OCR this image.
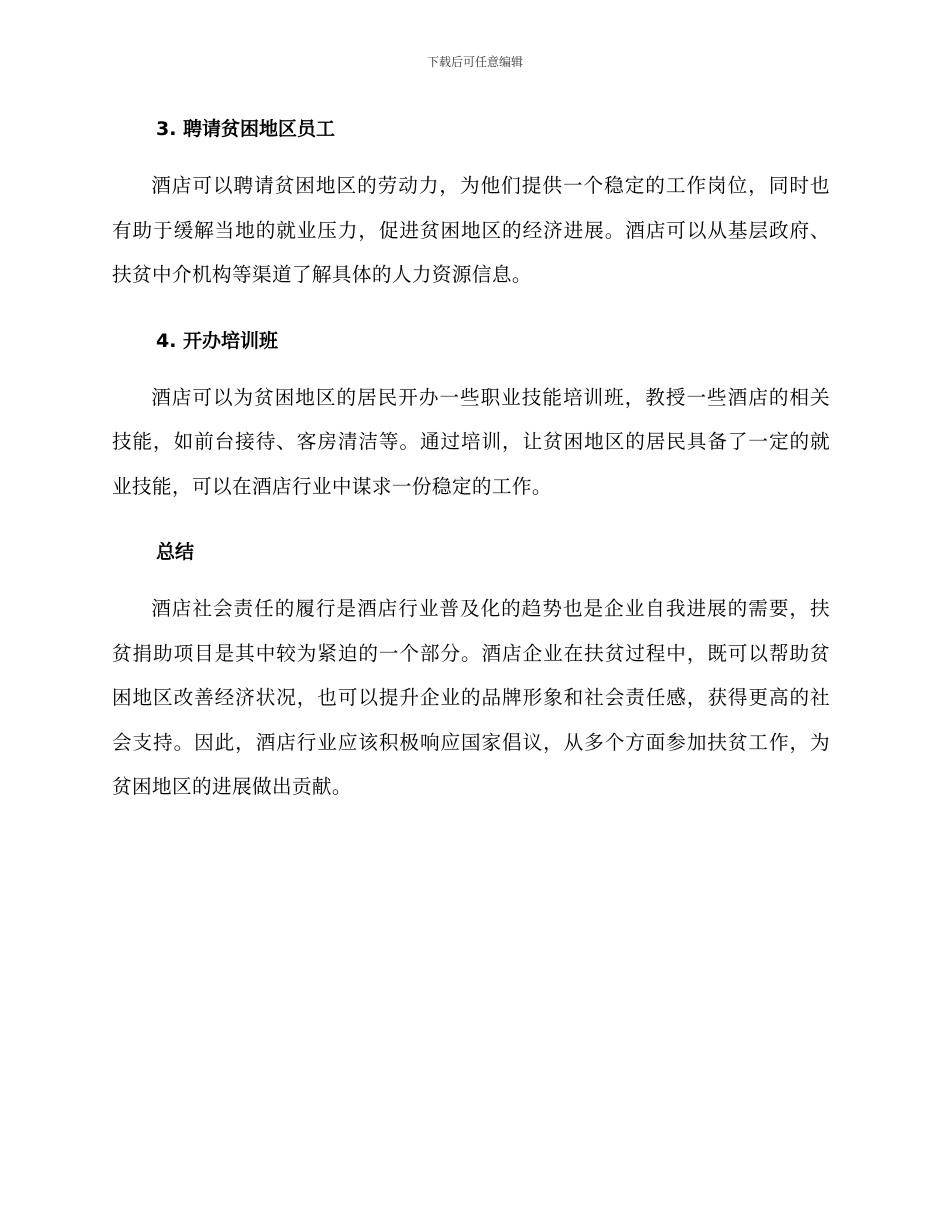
下载后可任意编辑
3. 聘请贫困地区员工

酒店可以聘请贫困地区的劳动力，为他们提供一个稳定的工作岗位，同时也有助于缓解当地的就业压力，促进贫困地区的经济进展。酒店可以从基层政府、扶贫中介机构等渠道了解具体的人力资源信息。

4. 开办培训班

酒店可以为贫困地区的居民开办一些职业技能培训班，教授一些酒店的相关技能，如前台接待、客房清洁等。通过培训，让贫困地区的居民具备了一定的就业技能，可以在酒店行业中谋求一份稳定的工作。

总结

酒店社会责任的履行是酒店行业普及化的趋势也是企业自我进展的需要，扶贫捐助项目是其中较为紧迫的一个部分。酒店企业在扶贫过程中，既可以帮助贫困地区改善经济状况，也可以提升企业的品牌形象和社会责任感，获得更高的社会支持。因此，酒店行业应该积极响应国家倡议，从多个方面参加扶贫工作，为贫困地区的进展做出贡献。
